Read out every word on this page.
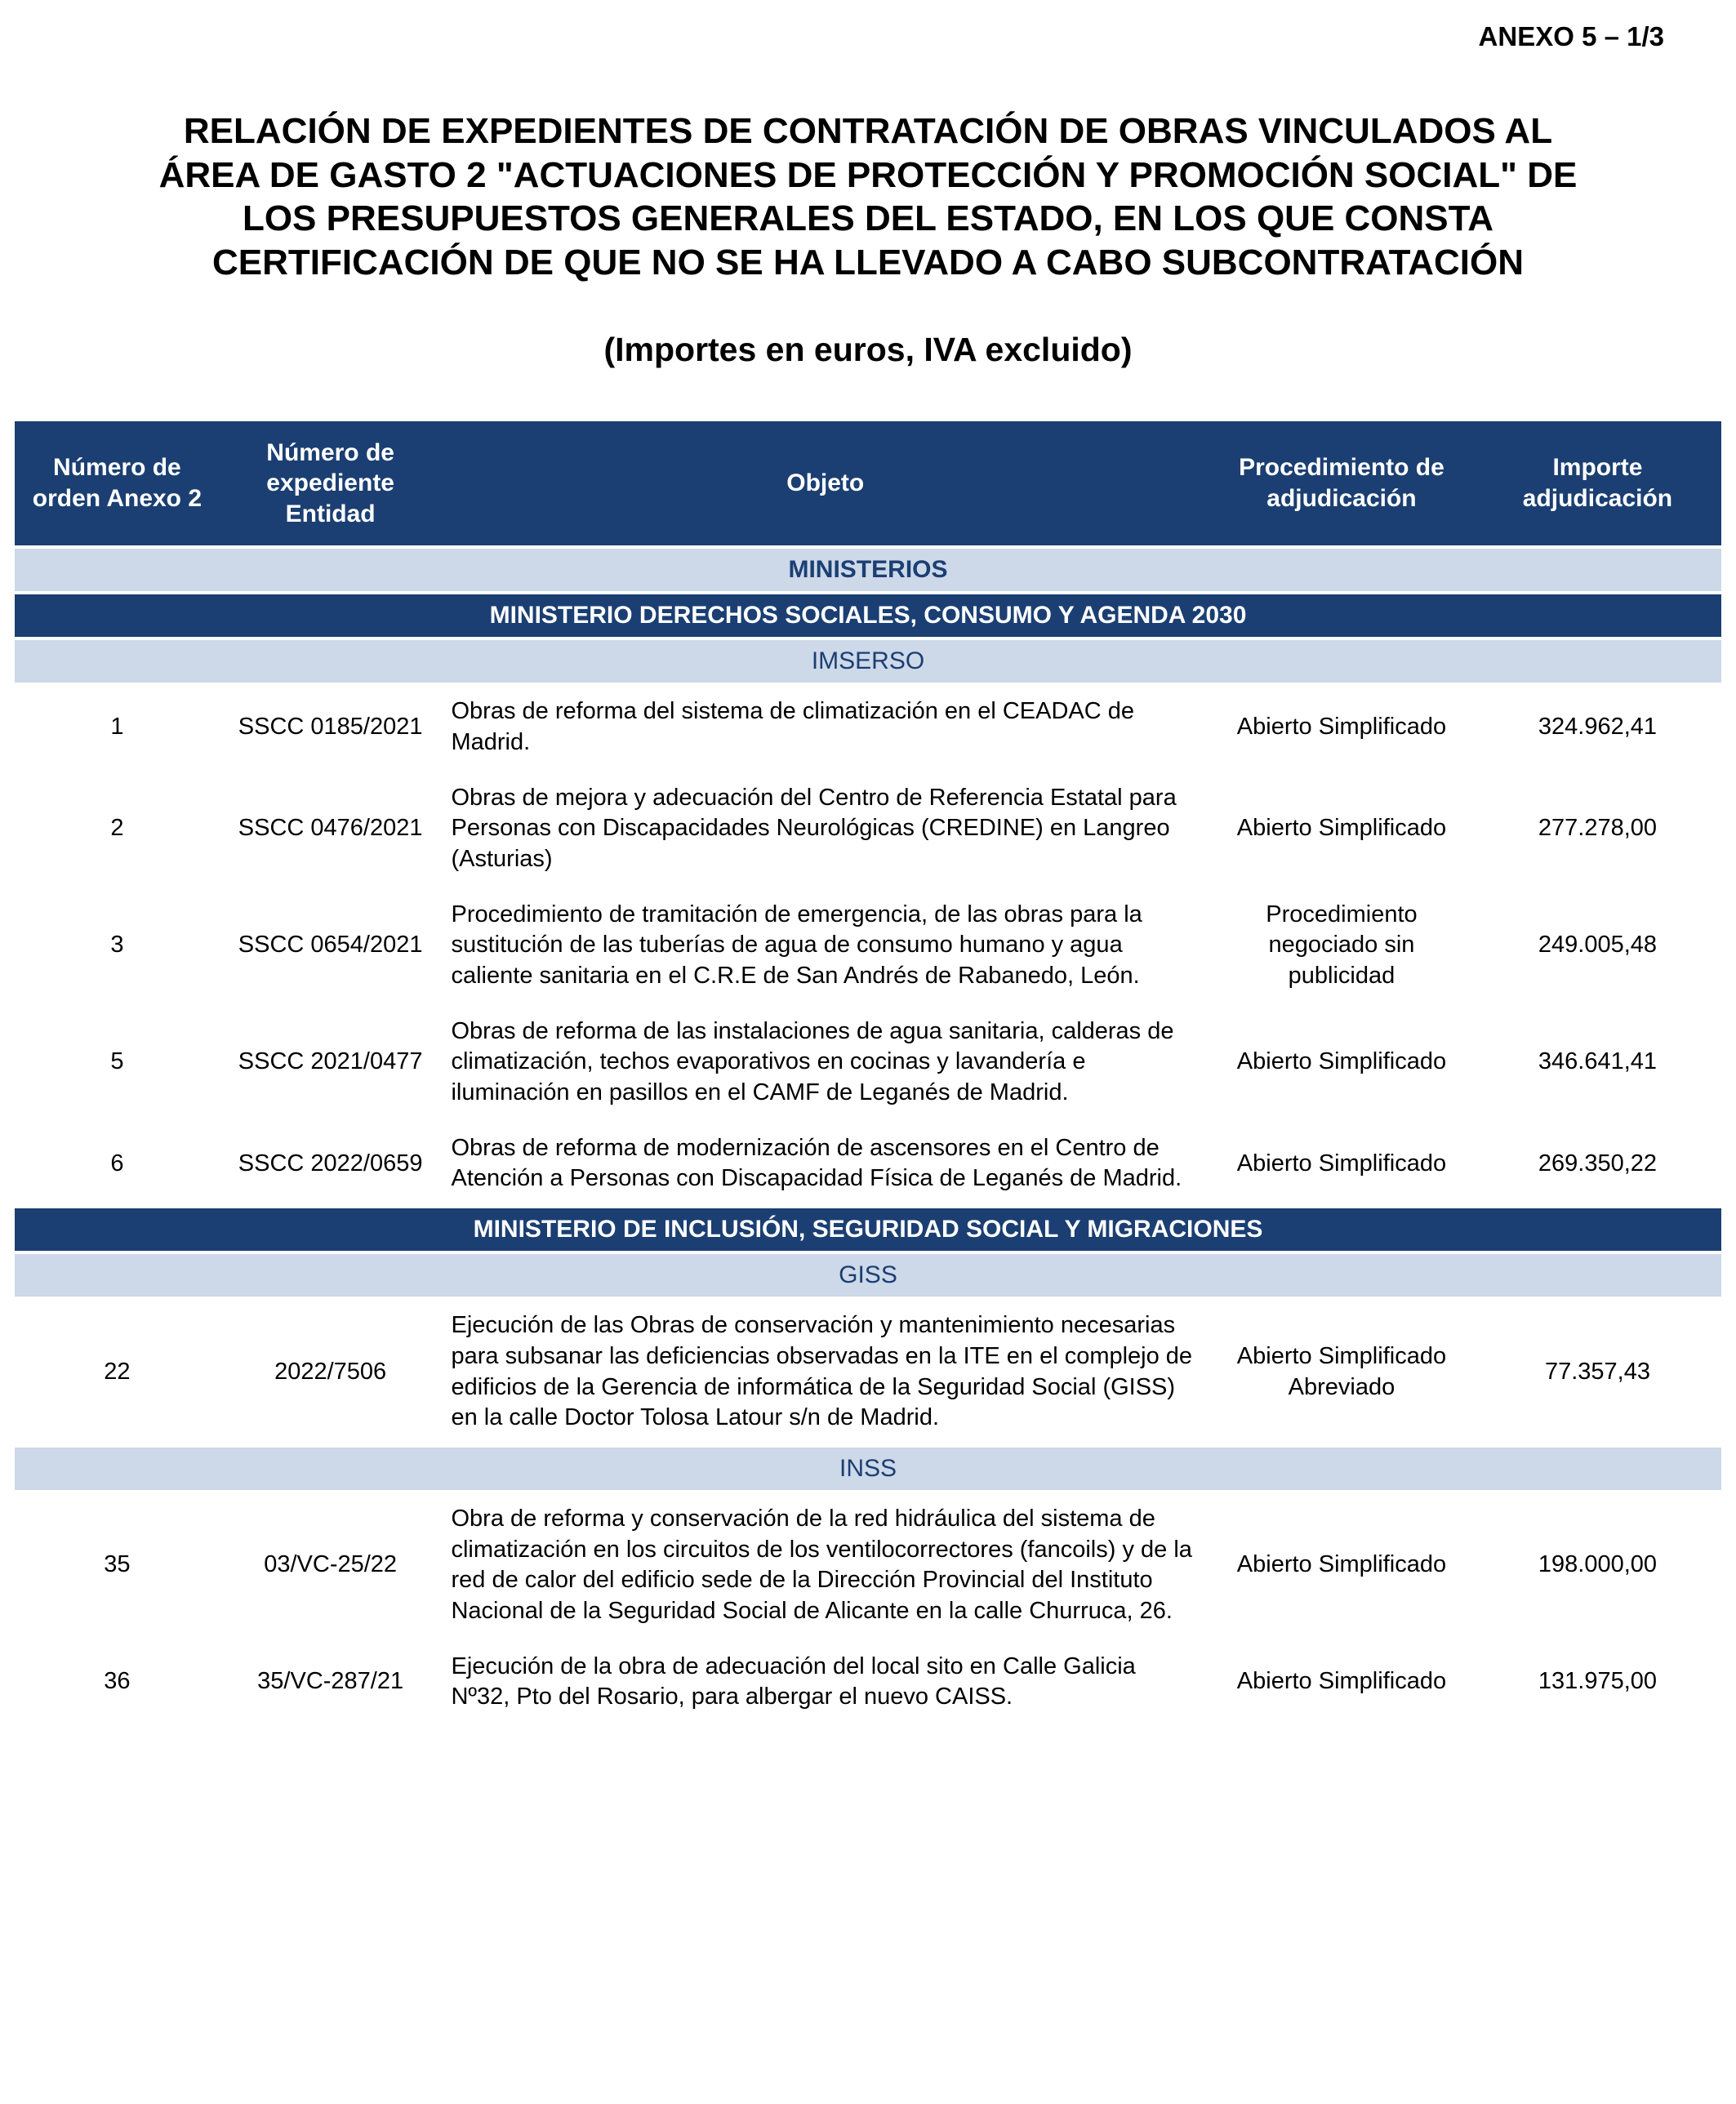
ANEXO 5 – 1/3
RELACIÓN DE EXPEDIENTES DE CONTRATACIÓN DE OBRAS VINCULADOS AL
ÁREA DE GASTO 2 "ACTUACIONES DE PROTECCIÓN Y PROMOCIÓN SOCIAL" DE
LOS PRESUPUESTOS GENERALES DEL ESTADO, EN LOS QUE CONSTA
CERTIFICACIÓN DE QUE NO SE HA LLEVADO A CABO SUBCONTRATACIÓN
(Importes en euros, IVA excluido)
Número de orden Anexo 2	Número de expediente Entidad	Objeto	Procedimiento de adjudicación	Importe adjudicación
MINISTERIOS				
MINISTERIO DERECHOS SOCIALES, CONSUMO Y AGENDA 2030				
IMSERSO				
1	SSCC 0185/2021	Obras de reforma del sistema de climatización en el CEADAC de Madrid.	Abierto Simplificado	324.962,41
2	SSCC 0476/2021	Obras de mejora y adecuación del Centro de Referencia Estatal para Personas con Discapacidades Neurológicas (CREDINE) en Langreo (Asturias)	Abierto Simplificado	277.278,00
3	SSCC 0654/2021	Procedimiento de tramitación de emergencia, de las obras para la sustitución de las tuberías de agua de consumo humano y agua caliente sanitaria en el C.R.E de San Andrés de Rabanedo, León.	Procedimiento negociado sin publicidad	249.005,48
5	SSCC 2021/0477	Obras de reforma de las instalaciones de agua sanitaria, calderas de climatización, techos evaporativos en cocinas y lavandería e iluminación en pasillos en el CAMF de Leganés de Madrid.	Abierto Simplificado	346.641,41
6	SSCC 2022/0659	Obras de reforma de modernización de ascensores en el Centro de Atención a Personas con Discapacidad Física de Leganés de Madrid.	Abierto Simplificado	269.350,22
MINISTERIO DE INCLUSIÓN, SEGURIDAD SOCIAL Y MIGRACIONES				
GISS				
22	2022/7506	Ejecución de las Obras de conservación y mantenimiento necesarias para subsanar las deficiencias observadas en la ITE en el complejo de edificios de la Gerencia de informática de la Seguridad Social (GISS) en la calle Doctor Tolosa Latour s/n de Madrid.	Abierto Simplificado Abreviado	77.357,43
INSS				
35	03/VC-25/22	Obra de reforma y conservación de la red hidráulica del sistema de climatización en los circuitos de los ventilocorrectores (fancoils) y de la red de calor del edificio sede de la Dirección Provincial del Instituto Nacional de la Seguridad Social de Alicante en la calle Churruca, 26.	Abierto Simplificado	198.000,00
36	35/VC-287/21	Ejecución de la obra de adecuación del local sito en Calle Galicia Nº32, Pto del Rosario, para albergar el nuevo CAISS.	Abierto Simplificado	131.975,00
